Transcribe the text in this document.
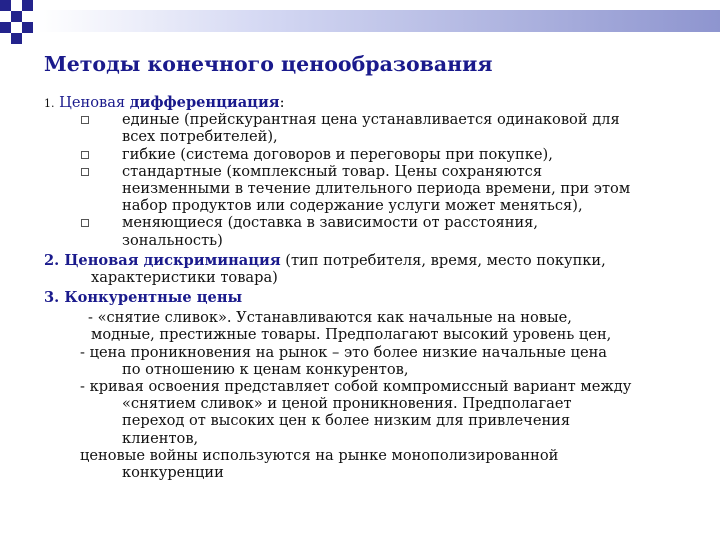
Методы конечного ценообразования
1. Ценовая дифференциация:
единые (прейскурантная цена устанавливается одинаковой для
всех потребителей),
гибкие (система договоров и переговоры при покупке),
стандартные (комплексный товар. Цены сохраняются
неизменными в течение длительного периода времени, при этом
набор продуктов или содержание услуги может меняться),
меняющиеся (доставка в зависимости от расстояния,
зональность)
2. Ценовая дискриминация (тип потребителя, время, место покупки,
характеристики товара)
3. Конкурентные цены
- «снятие сливок». Устанавливаются как начальные на новые,
модные, престижные товары. Предполагают высокий уровень цен,
- цена проникновения на рынок – это более низкие начальные цена
по отношению к ценам конкурентов,
- кривая освоения представляет собой компромиссный вариант между
«снятием сливок» и ценой проникновения. Предполагает
переход от высоких цен к более низким для привлечения
клиентов,
ценовые войны используются на рынке монополизированной
конкуренции
